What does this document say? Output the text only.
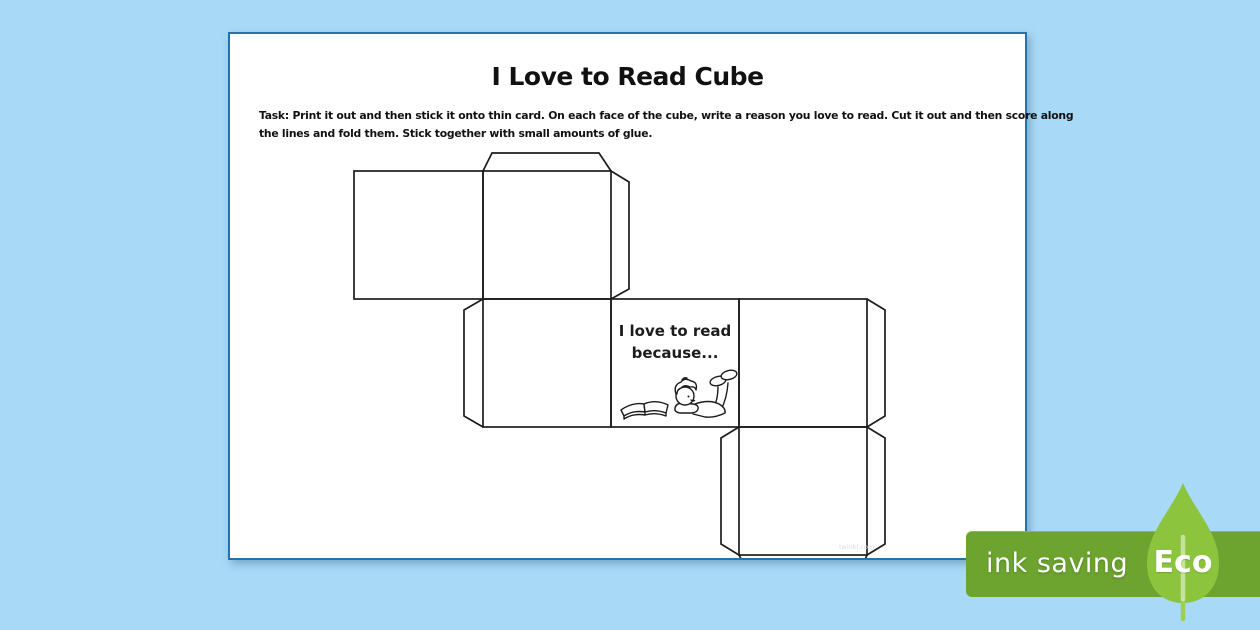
I Love to Read Cube
Task: Print it out and then stick it onto thin card. On each face of the cube, write a reason you love to read. Cut it out and then score along
the lines and fold them. Stick together with small amounts of glue.
I love to read
because...
twinkl.com
ink saving Eco
